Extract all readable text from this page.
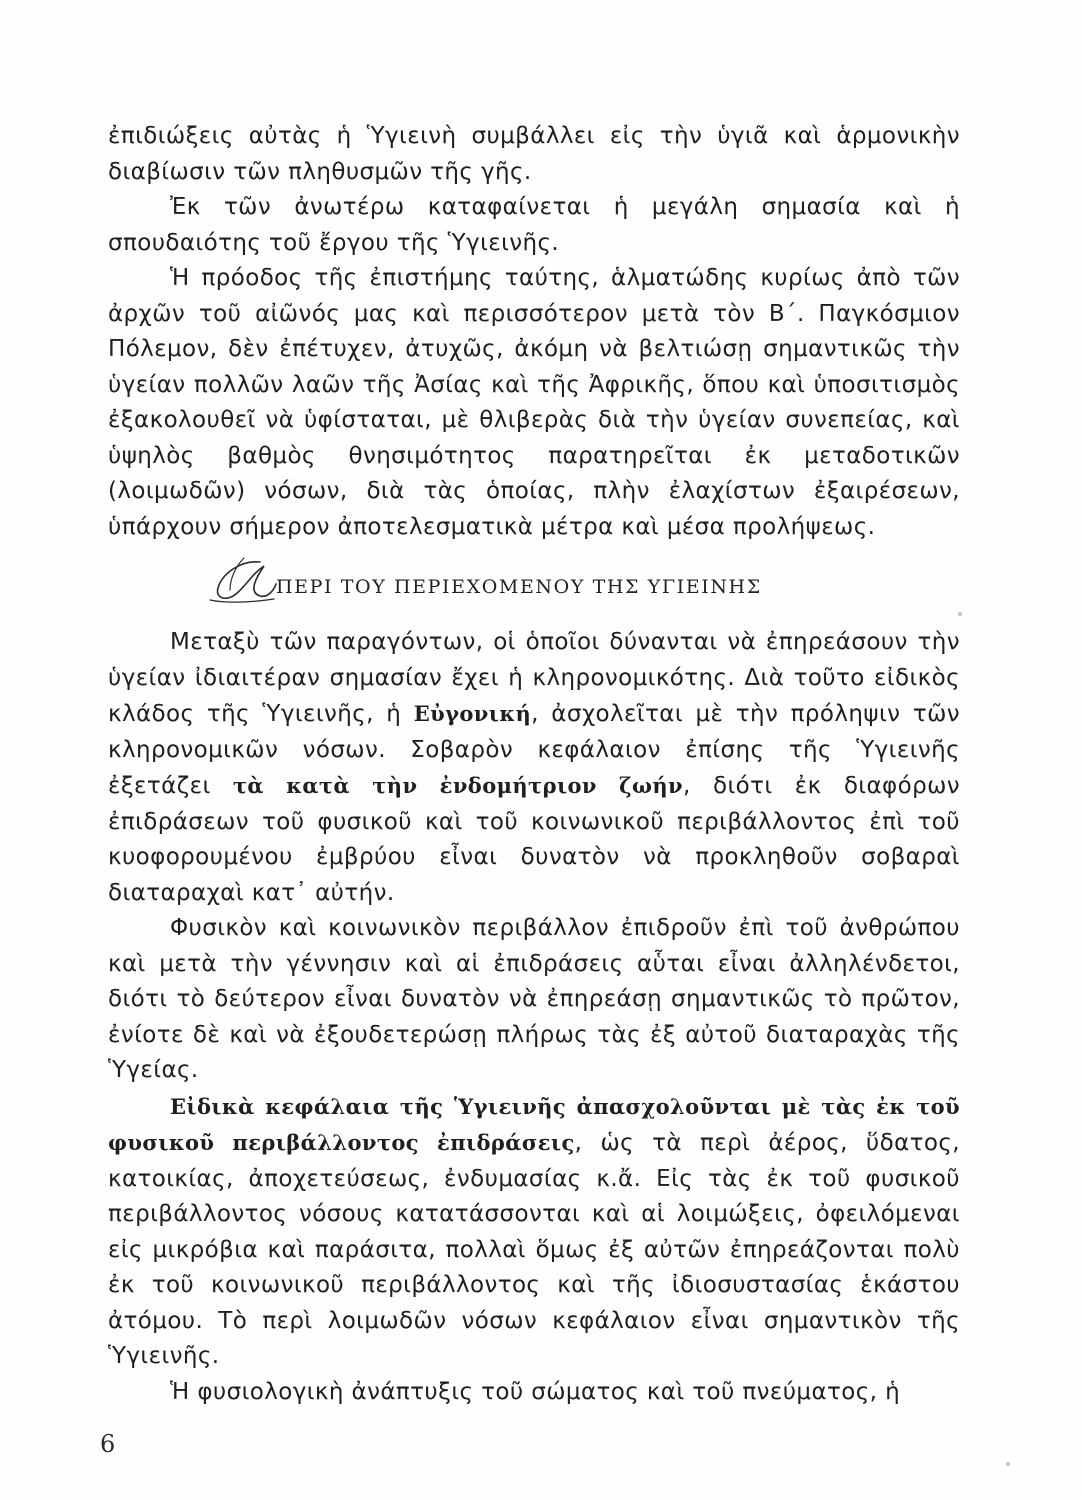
ἐπιδιώξεις αὐτὰς ἡ Ὑγιεινὴ συμβάλλει εἰς τὴν ὑγιᾶ καὶ ἁρμονικὴν διαβίωσιν τῶν πληθυσμῶν τῆς γῆς.

Ἐκ τῶν ἀνωτέρω καταφαίνεται ἡ μεγάλη σημασία καὶ ἡ σπουδαιότης τοῦ ἔργου τῆς Ὑγιεινῆς.

Ἡ πρόοδος τῆς ἐπιστήμης ταύτης, ἁλματώδης κυρίως ἀπὸ τῶν ἀρχῶν τοῦ αἰῶνός μας καὶ περισσότερον μετὰ τὸν Β΄. Παγκόσμιον Πόλεμον, δὲν ἐπέτυχεν, ἀτυχῶς, ἀκόμη νὰ βελτιώσῃ σημαντικῶς τὴν ὑγείαν πολλῶν λαῶν τῆς Ἀσίας καὶ τῆς Ἀφρικῆς, ὅπου καὶ ὑποσιτισμὸς ἐξακολουθεῖ νὰ ὑφίσταται, μὲ θλιβερὰς διὰ τὴν ὑγείαν συνεπείας, καὶ ὑψηλὸς βαθμὸς θνησιμότητος παρατηρεῖται ἐκ μεταδοτικῶν (λοιμωδῶν) νόσων, διὰ τὰς ὁποίας, πλὴν ἐλαχίστων ἐξαιρέσεων, ὑπάρχουν σήμερον ἀποτελεσματικὰ μέτρα καὶ μέσα προλήψεως.

ΠΕΡΙ ΤΟΥ ΠΕΡΙΕΧΟΜΕΝΟΥ ΤΗΣ ΥΓΙΕΙΝΗΣ

Μεταξὺ τῶν παραγόντων, οἱ ὁποῖοι δύνανται νὰ ἐπηρεάσουν τὴν ὑγείαν ἰδιαιτέραν σημασίαν ἔχει ἡ κληρονομικότης. Διὰ τοῦτο εἰδικὸς κλάδος τῆς Ὑγιεινῆς, ἡ Εὐγονική, ἀσχολεῖται μὲ τὴν πρόληψιν τῶν κληρονομικῶν νόσων. Σοβαρὸν κεφάλαιον ἐπίσης τῆς Ὑγιεινῆς ἐξετάζει τὰ κατὰ τὴν ἐνδομήτριον ζωήν, διότι ἐκ διαφόρων ἐπιδράσεων τοῦ φυσικοῦ καὶ τοῦ κοινωνικοῦ περιβάλλοντος ἐπὶ τοῦ κυοφορουμένου ἐμβρύου εἶναι δυνατὸν νὰ προκληθοῦν σοβαραὶ διαταραχαὶ κατ᾽ αὐτήν.

Φυσικὸν καὶ κοινωνικὸν περιβάλλον ἐπιδροῦν ἐπὶ τοῦ ἀνθρώπου καὶ μετὰ τὴν γέννησιν καὶ αἱ ἐπιδράσεις αὗται εἶναι ἀλληλένδετοι, διότι τὸ δεύτερον εἶναι δυνατὸν νὰ ἐπηρεάσῃ σημαντικῶς τὸ πρῶτον, ἐνίοτε δὲ καὶ νὰ ἐξουδετερώσῃ πλήρως τὰς ἐξ αὐτοῦ διαταραχὰς τῆς Ὑγείας.

Εἰδικὰ κεφάλαια τῆς Ὑγιεινῆς ἀπασχολοῦνται μὲ τὰς ἐκ τοῦ φυσικοῦ περιβάλλοντος ἐπιδράσεις, ὡς τὰ περὶ ἀέρος, ὕδατος, κατοικίας, ἀποχετεύσεως, ἐνδυμασίας κ.ἄ. Εἰς τὰς ἐκ τοῦ φυσικοῦ περιβάλλοντος νόσους κατατάσσονται καὶ αἱ λοιμώξεις, ὀφειλόμεναι εἰς μικρόβια καὶ παράσιτα, πολλαὶ ὅμως ἐξ αὐτῶν ἐπηρεάζονται πολὺ ἐκ τοῦ κοινωνικοῦ περιβάλλοντος καὶ τῆς ἰδιοσυστασίας ἑκάστου ἀτόμου. Τὸ περὶ λοιμωδῶν νόσων κεφάλαιον εἶναι σημαντικὸν τῆς Ὑγιεινῆς.

Ἡ φυσιολογικὴ ἀνάπτυξις τοῦ σώματος καὶ τοῦ πνεύματος, ἡ

6
